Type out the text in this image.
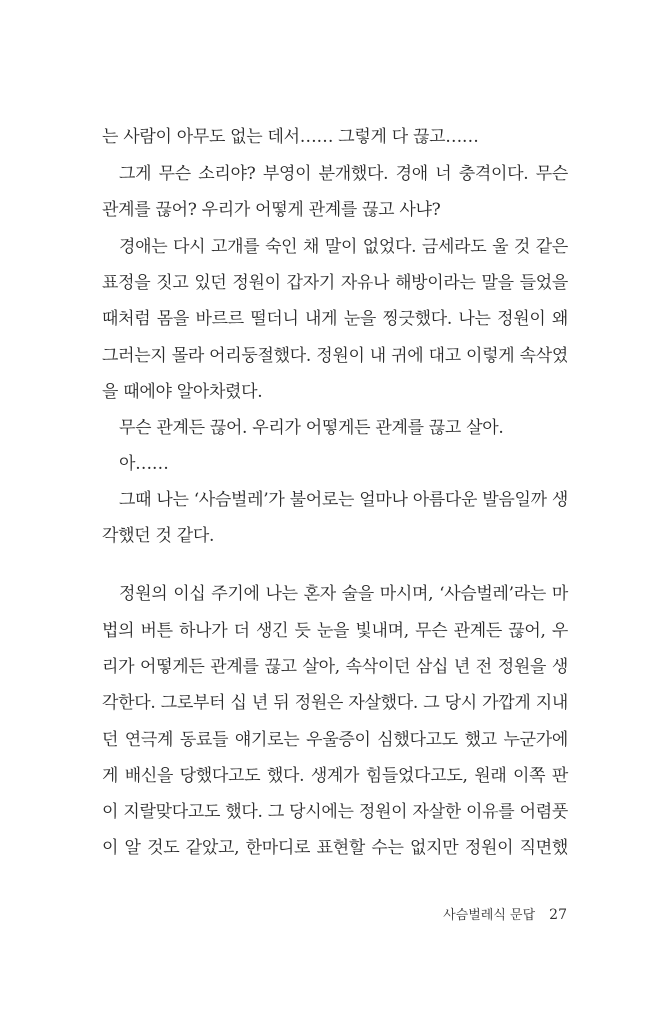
는 사람이 아무도 없는 데서…… 그렇게 다 끊고……
그게 무슨 소리야? 부영이 분개했다. 경애 너 충격이다. 무슨
관계를 끊어? 우리가 어떻게 관계를 끊고 사냐?
경애는 다시 고개를 숙인 채 말이 없었다. 금세라도 울 것 같은
표정을 짓고 있던 정원이 갑자기 자유나 해방이라는 말을 들었을
때처럼 몸을 바르르 떨더니 내게 눈을 찡긋했다. 나는 정원이 왜
그러는지 몰라 어리둥절했다. 정원이 내 귀에 대고 이렇게 속삭였
을 때에야 알아차렸다.
무슨 관계든 끊어. 우리가 어떻게든 관계를 끊고 살아.
아……
그때 나는 ‘사슴벌레’가 불어로는 얼마나 아름다운 발음일까 생
각했던 것 같다.
정원의 이십 주기에 나는 혼자 술을 마시며, ‘사슴벌레’라는 마
법의 버튼 하나가 더 생긴 듯 눈을 빛내며, 무슨 관계든 끊어, 우
리가 어떻게든 관계를 끊고 살아, 속삭이던 삼십 년 전 정원을 생
각한다. 그로부터 십 년 뒤 정원은 자살했다. 그 당시 가깝게 지내
던 연극계 동료들 얘기로는 우울증이 심했다고도 했고 누군가에
게 배신을 당했다고도 했다. 생계가 힘들었다고도, 원래 이쪽 판
이 지랄맞다고도 했다. 그 당시에는 정원이 자살한 이유를 어렴풋
이 알 것도 같았고, 한마디로 표현할 수는 없지만 정원이 직면했
사슴벌레식 문답 27
